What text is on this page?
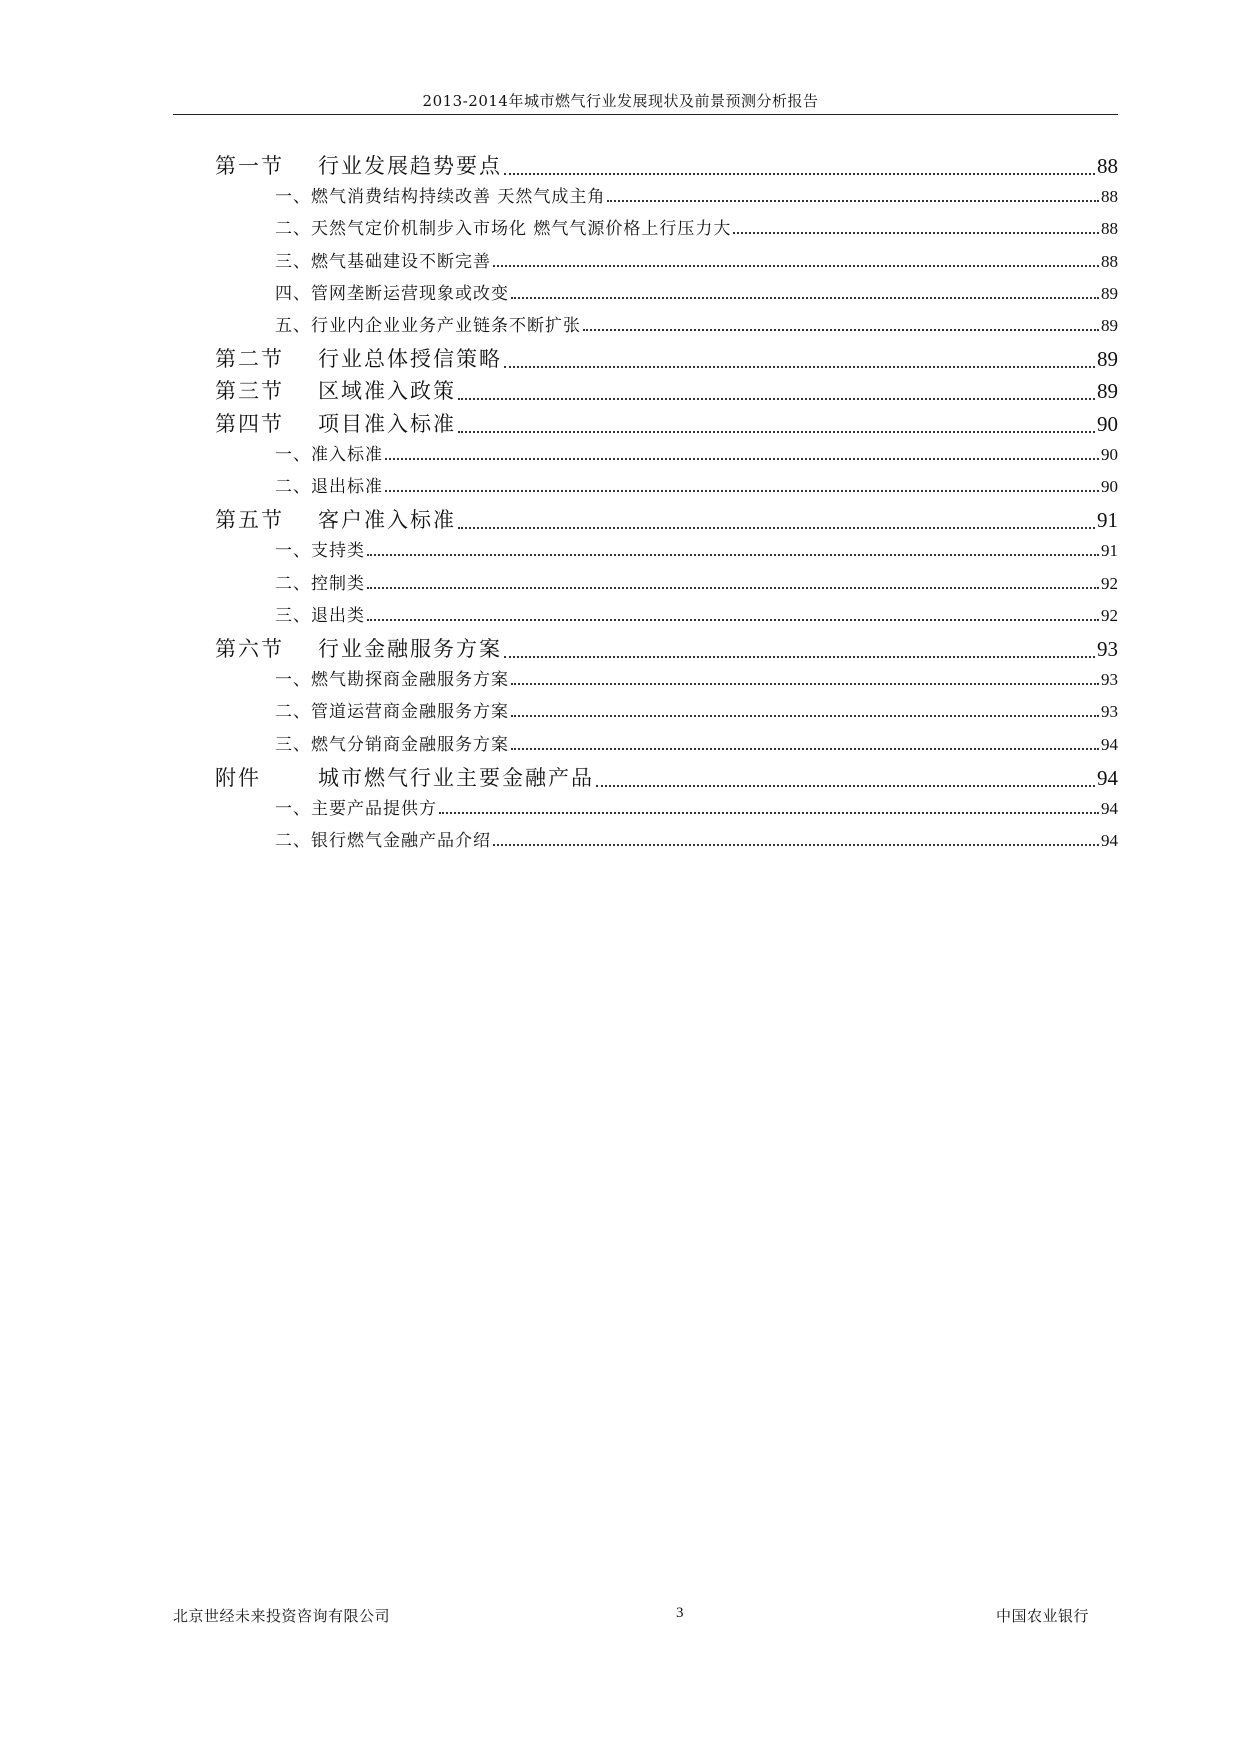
2013-2014年城市燃气行业发展现状及前景预测分析报告
第一节	行业发展趋势要点	88
一、燃气消费结构持续改善 天然气成主角	88
二、天然气定价机制步入市场化 燃气气源价格上行压力大	88
三、燃气基础建设不断完善	88
四、管网垄断运营现象或改变	89
五、行业内企业业务产业链条不断扩张	89
第二节	行业总体授信策略	89
第三节	区域准入政策	89
第四节	项目准入标准	90
一、准入标准	90
二、退出标准	90
第五节	客户准入标准	91
一、支持类	91
二、控制类	92
三、退出类	92
第六节	行业金融服务方案	93
一、燃气勘探商金融服务方案	93
二、管道运营商金融服务方案	93
三、燃气分销商金融服务方案	94
附件	城市燃气行业主要金融产品	94
一、主要产品提供方	94
二、银行燃气金融产品介绍	94
北京世经未来投资咨询有限公司	3	中国农业银行
